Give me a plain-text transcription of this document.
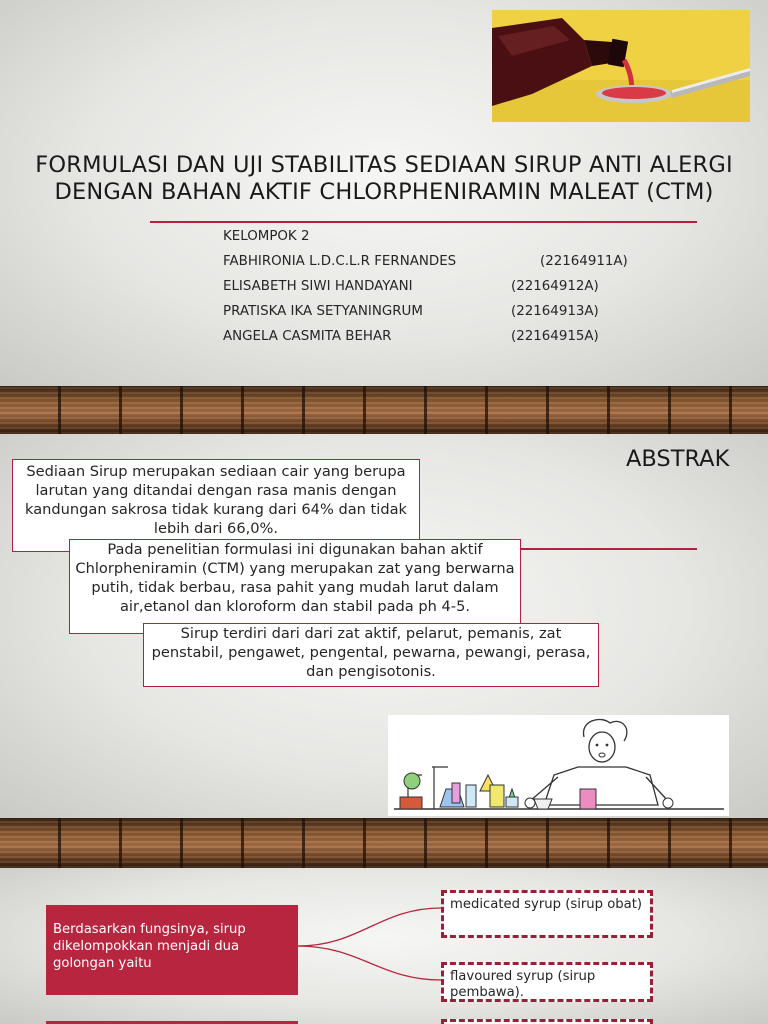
FORMULASI DAN UJI STABILITAS SEDIAAN SIRUP ANTI ALERGI
DENGAN BAHAN AKTIF CHLORPHENIRAMIN MALEAT (CTM)
KELOMPOK 2
FABHIRONIA L.D.C.L.R FERNANDES	(22164911A)
ELISABETH SIWI HANDAYANI	(22164912A)
PRATISKA IKA SETYANINGRUM	(22164913A)
ANGELA CASMITA BEHAR	(22164915A)
ABSTRAK
Sediaan Sirup merupakan sediaan cair yang berupa larutan yang ditandai dengan rasa manis dengan kandungan sakrosa tidak kurang dari 64% dan tidak lebih dari 66,0%.
Pada penelitian formulasi ini digunakan bahan aktif Chlorpheniramin (CTM) yang merupakan zat yang berwarna putih, tidak berbau, rasa pahit yang mudah larut dalam air,etanol dan kloroform dan stabil pada ph 4-5.
Sirup terdiri dari dari zat aktif, pelarut, pemanis, zat penstabil, pengawet, pengental, pewarna, pewangi, perasa, dan pengisotonis.
Berdasarkan fungsinya, sirup dikelompokkan menjadi dua golongan yaitu
medicated syrup (sirup obat)
flavoured syrup (sirup pembawa).
